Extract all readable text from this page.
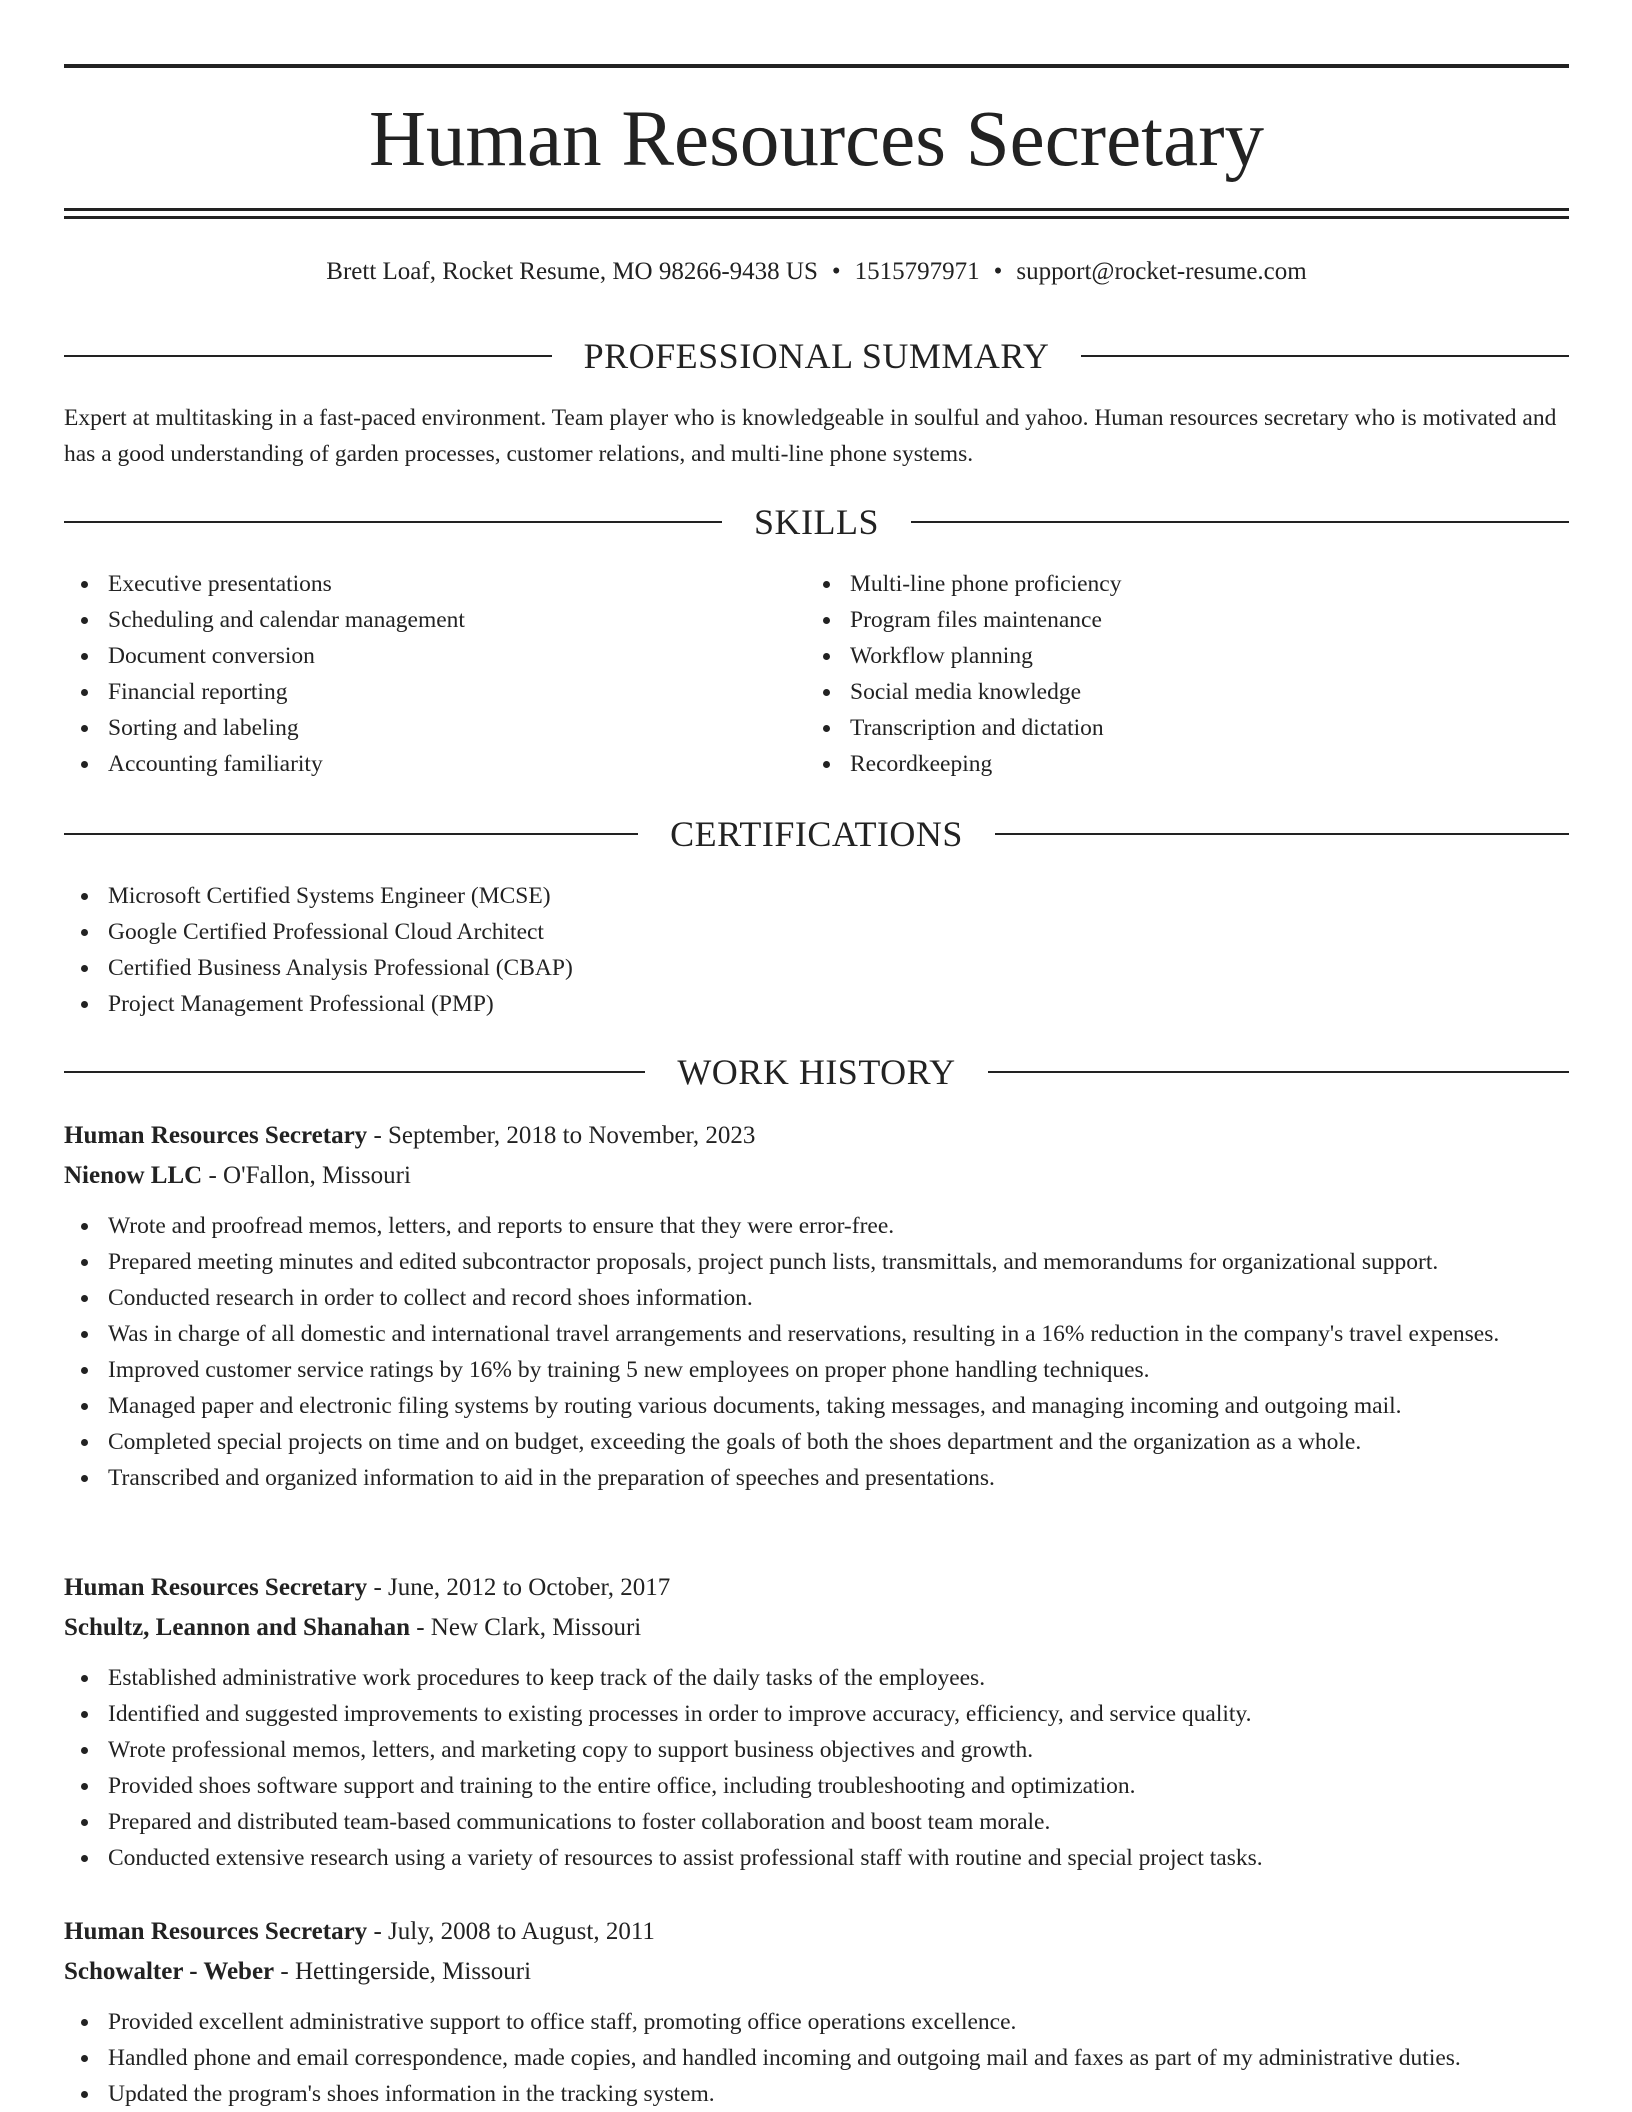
Human Resources Secretary
Brett Loaf, Rocket Resume, MO 98266-9438 US • 1515797971 • support@rocket-resume.com
PROFESSIONAL SUMMARY

Expert at multitasking in a fast-paced environment. Team player who is knowledgeable in soulful and yahoo. Human resources secretary who is motivated and has a good understanding of garden processes, customer relations, and multi-line phone systems.

SKILLS
Executive presentations
Scheduling and calendar management
Document conversion
Financial reporting
Sorting and labeling
Accounting familiarity
Multi-line phone proficiency
Program files maintenance
Workflow planning
Social media knowledge
Transcription and dictation
Recordkeeping
CERTIFICATIONS
Microsoft Certified Systems Engineer (MCSE)
Google Certified Professional Cloud Architect
Certified Business Analysis Professional (CBAP)
Project Management Professional (PMP)
WORK HISTORY
Human Resources Secretary - September, 2018 to November, 2023
Nienow LLC - O'Fallon, Missouri
Wrote and proofread memos, letters, and reports to ensure that they were error-free.
Prepared meeting minutes and edited subcontractor proposals, project punch lists, transmittals, and memorandums for organizational support.
Conducted research in order to collect and record shoes information.
Was in charge of all domestic and international travel arrangements and reservations, resulting in a 16% reduction in the company's travel expenses.
Improved customer service ratings by 16% by training 5 new employees on proper phone handling techniques.
Managed paper and electronic filing systems by routing various documents, taking messages, and managing incoming and outgoing mail.
Completed special projects on time and on budget, exceeding the goals of both the shoes department and the organization as a whole.
Transcribed and organized information to aid in the preparation of speeches and presentations.
Human Resources Secretary - June, 2012 to October, 2017
Schultz, Leannon and Shanahan - New Clark, Missouri
Established administrative work procedures to keep track of the daily tasks of the employees.
Identified and suggested improvements to existing processes in order to improve accuracy, efficiency, and service quality.
Wrote professional memos, letters, and marketing copy to support business objectives and growth.
Provided shoes software support and training to the entire office, including troubleshooting and optimization.
Prepared and distributed team-based communications to foster collaboration and boost team morale.
Conducted extensive research using a variety of resources to assist professional staff with routine and special project tasks.
Human Resources Secretary - July, 2008 to August, 2011
Schowalter - Weber - Hettingerside, Missouri
Provided excellent administrative support to office staff, promoting office operations excellence.
Handled phone and email correspondence, made copies, and handled incoming and outgoing mail and faxes as part of my administrative duties.
Updated the program's shoes information in the tracking system.
